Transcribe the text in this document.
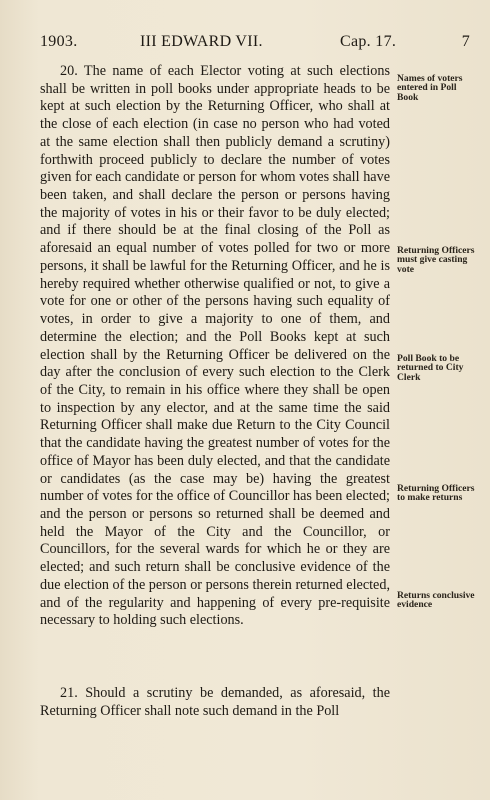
1903.	III EDWARD VII.	Cap. 17.	7
20. The name of each Elector voting at such elections shall be written in poll books under appropriate heads to be kept at such election by the Returning Officer, who shall at the close of each election (in case no person who had voted at the same election shall then publicly demand a scrutiny) forthwith proceed publicly to declare the number of votes given for each candidate or person for whom votes shall have been taken, and shall declare the person or persons having the majority of votes in his or their favor to be duly elected; and if there should be at the final closing of the Poll as aforesaid an equal number of votes polled for two or more persons, it shall be lawful for the Returning Officer, and he is hereby required whether otherwise qualified or not, to give a vote for one or other of the persons having such equality of votes, in order to give a majority to one of them, and determine the election; and the Poll Books kept at such election shall by the Returning Officer be delivered on the day after the conclusion of every such election to the Clerk of the City, to remain in his office where they shall be open to inspection by any elector, and at the same time the said Returning Officer shall make due Return to the City Council that the candidate having the greatest number of votes for the office of Mayor has been duly elected, and that the candidate or candidates (as the case may be) having the greatest number of votes for the office of Councillor has been elected; and the person or persons so returned shall be deemed and held the Mayor of the City and the Councillor, or Councillors, for the several wards for which he or they are elected; and such return shall be conclusive evidence of the due election of the person or persons therein returned elected, and of the regularity and happening of every pre-requisite necessary to holding such elections.
21. Should a scrutiny be demanded, as aforesaid, the Returning Officer shall note such demand in the Poll
Names of voters entered in Poll Book
Returning Officers must give casting vote
Poll Book to be returned to City Clerk
Returning Officers to make returns
Returns conclusive evidence
